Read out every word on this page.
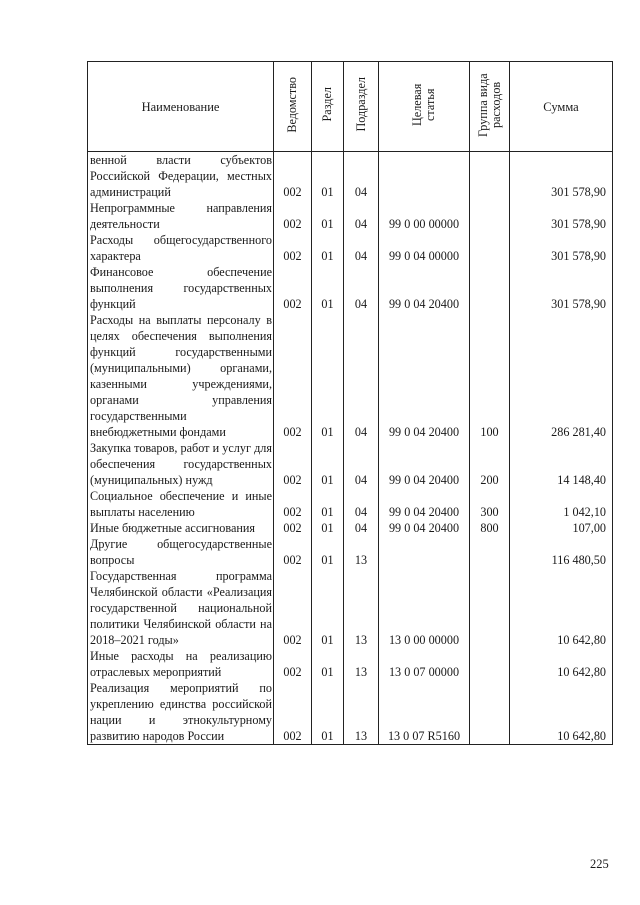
Наименование	Ведомство	Раздел	Подраздел	Целевая статья	Группа вида расходов	Сумма
венной власти субъектов Российской Федерации, местных администраций	002	01	04			301 578,90
Непрограммные направления деятельности	002	01	04	99 0 00 00000		301 578,90
Расходы общегосударственного характера	002	01	04	99 0 04 00000		301 578,90
Финансовое обеспечение выполнения государственных функций	002	01	04	99 0 04 20400		301 578,90
Расходы на выплаты персоналу в целях обеспечения выполнения функций государственными (муниципальными) органами, казенными учреждениями, органами управления государственными внебюджетными фондами	002	01	04	99 0 04 20400	100	286 281,40
Закупка товаров, работ и услуг для обеспечения государственных (муниципальных) нужд	002	01	04	99 0 04 20400	200	14 148,40
Социальное обеспечение и иные выплаты населению	002	01	04	99 0 04 20400	300	1 042,10
Иные бюджетные ассигнования	002	01	04	99 0 04 20400	800	107,00
Другие общегосударственные вопросы	002	01	13			116 480,50
Государственная программа Челябинской области «Реализация государственной национальной политики Челябинской области на 2018–2021 годы»	002	01	13	13 0 00 00000		10 642,80
Иные расходы на реализацию отраслевых мероприятий	002	01	13	13 0 07 00000		10 642,80
Реализация мероприятий по укреплению единства российской нации и этнокультурному развитию народов России	002	01	13	13 0 07 R5160		10 642,80
225
